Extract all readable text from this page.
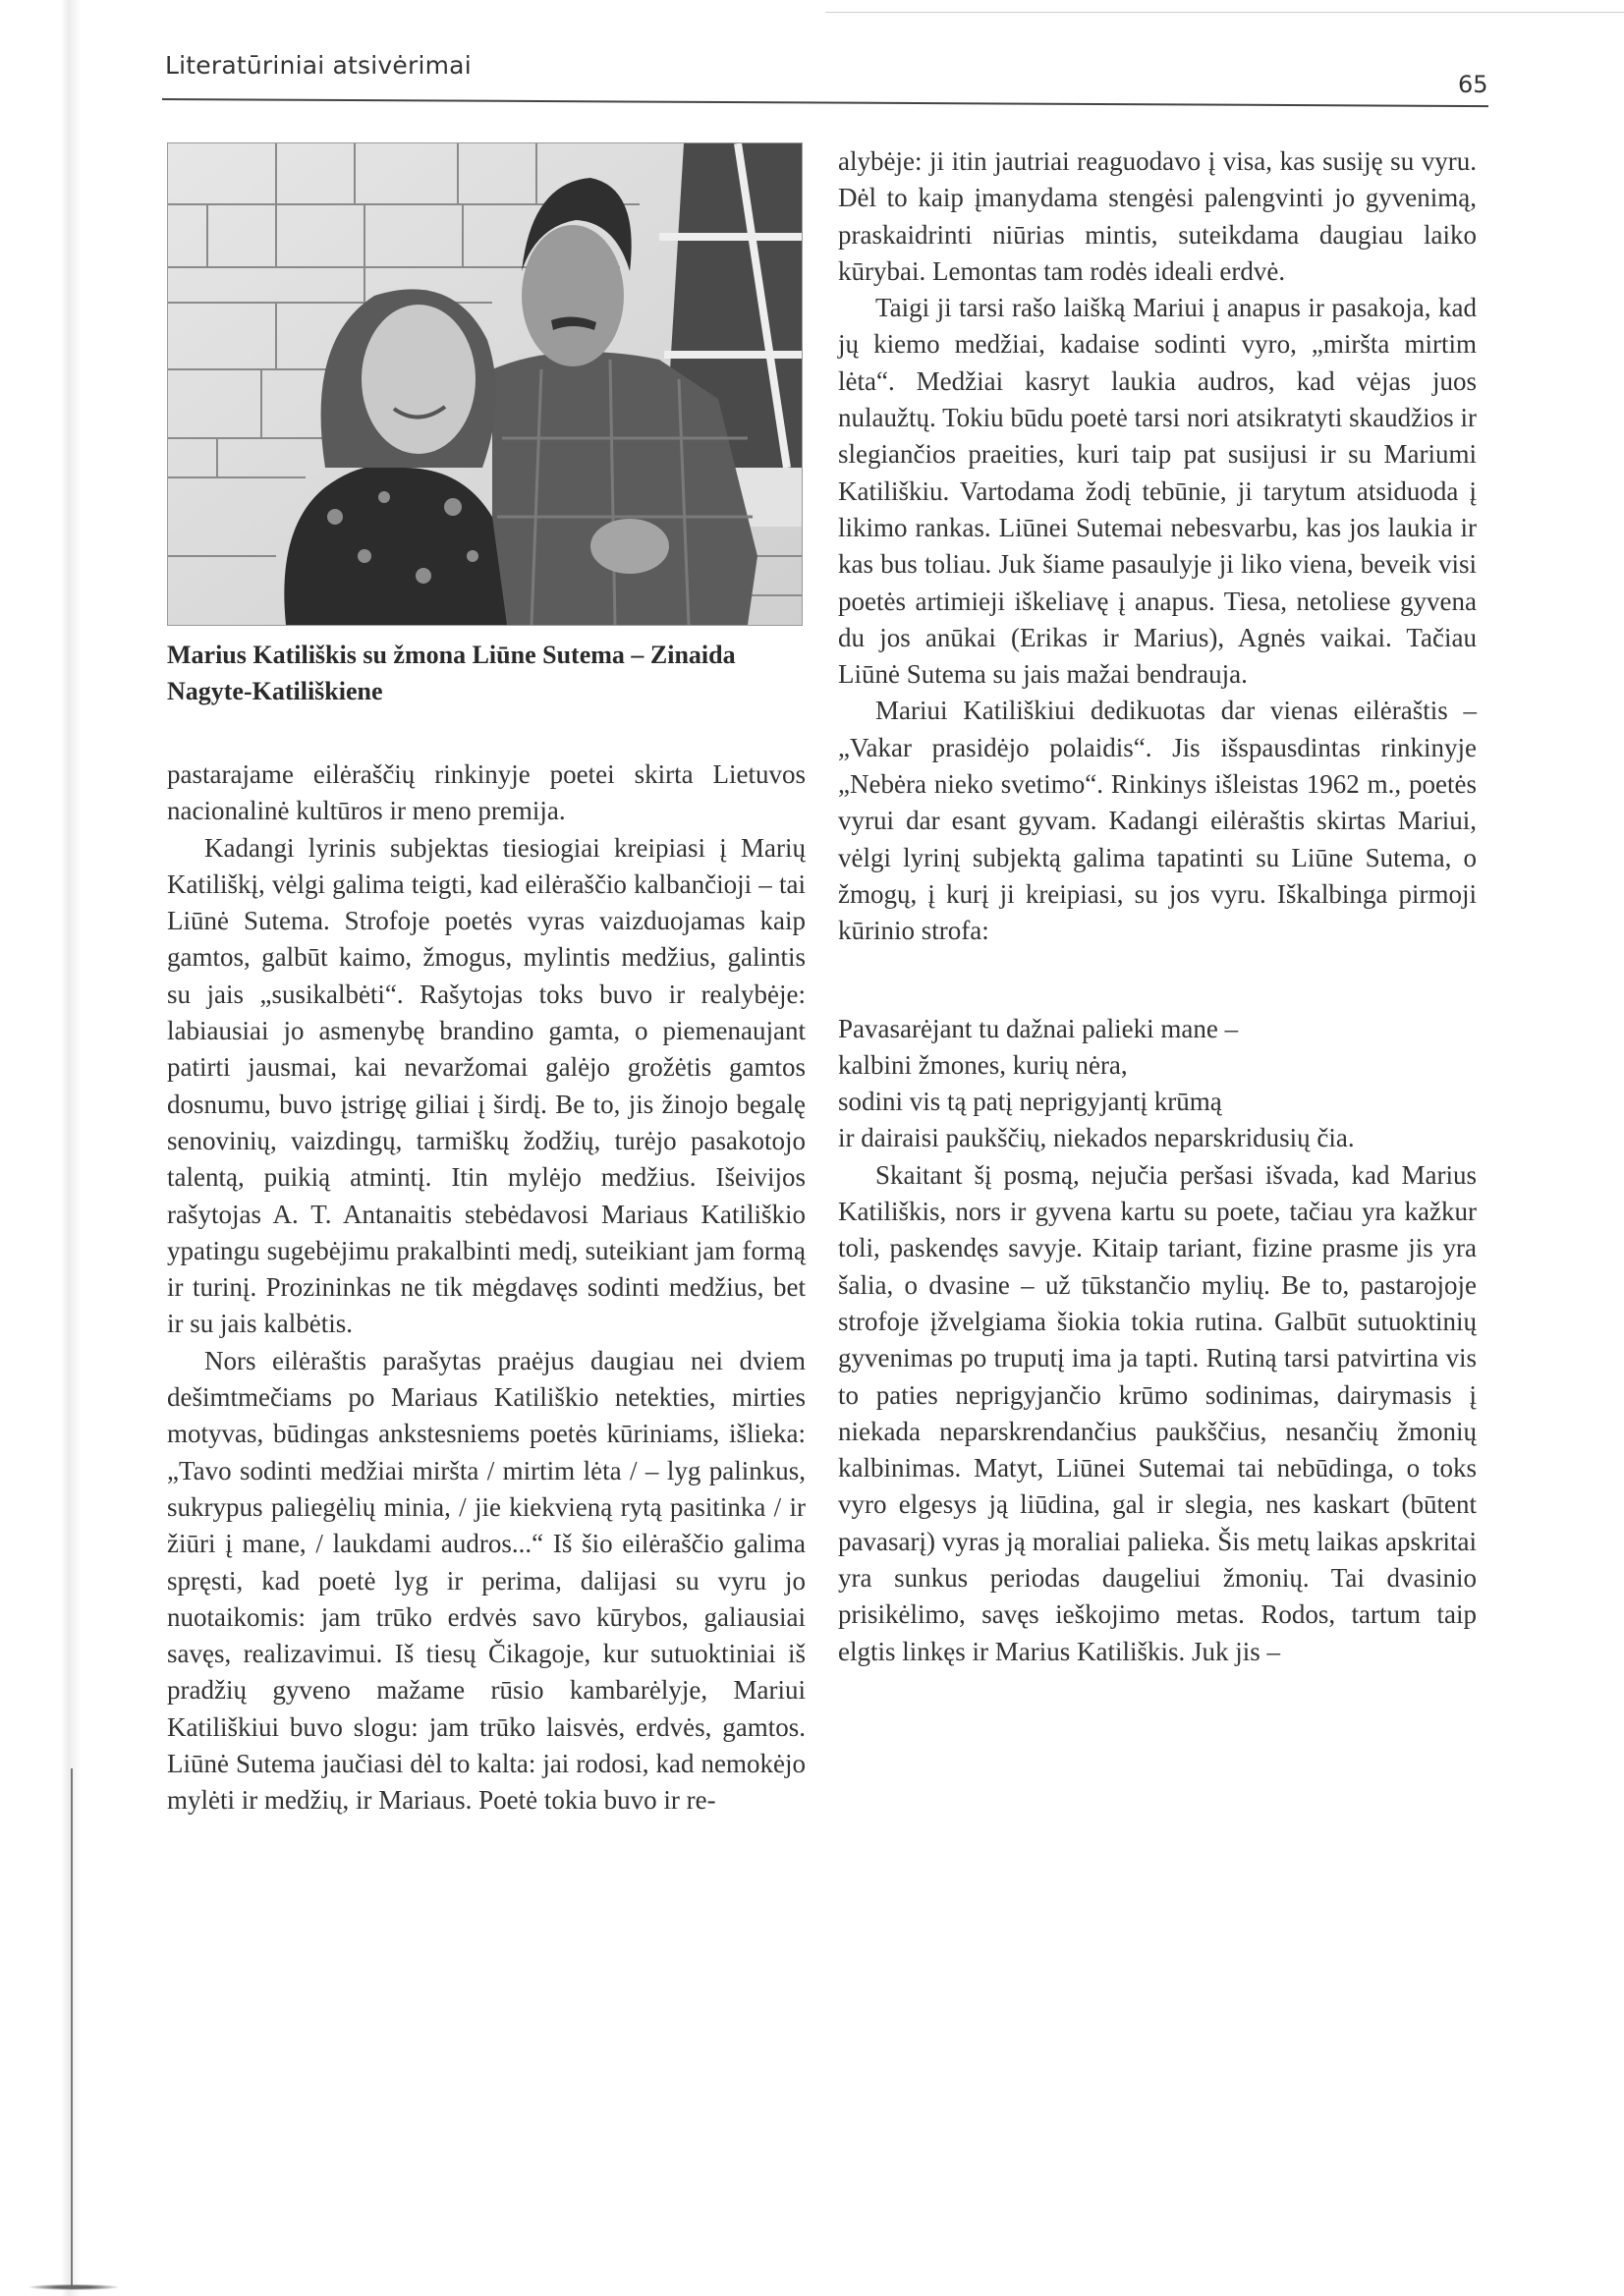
Literatūriniai atsivėrimai
65
Marius Katiliškis su žmona Liūne Sutema – Zinaida Nagyte-Katiliškiene

pastarajame eilėraščių rinkinyje poetei skirta Lietuvos nacionalinė kultūros ir meno premija.

Kadangi lyrinis subjektas tiesiogiai kreipiasi į Marių Katiliškį, vėlgi galima teigti, kad eilėraščio kalbančioji – tai Liūnė Sutema. Strofoje poetės vyras vaizduojamas kaip gamtos, galbūt kaimo, žmogus, mylintis medžius, galintis su jais „susikalbėti“. Rašytojas toks buvo ir realybėje: labiausiai jo asmenybę brandino gamta, o piemenaujant patirti jausmai, kai nevaržomai galėjo grožėtis gamtos dosnumu, buvo įstrigę giliai į širdį. Be to, jis žinojo begalę senovinių, vaizdingų, tarmiškų žodžių, turėjo pasakotojo talentą, puikią atmintį. Itin mylėjo medžius. Išeivijos rašytojas A. T. Antanaitis stebėdavosi Mariaus Katiliškio ypatingu sugebėjimu prakalbinti medį, suteikiant jam formą ir turinį. Prozininkas ne tik mėgdavęs sodinti medžius, bet ir su jais kalbėtis.

Nors eilėraštis parašytas praėjus daugiau nei dviem dešimtmečiams po Mariaus Katiliškio netekties, mirties motyvas, būdingas ankstesniems poetės kūriniams, išlieka: „Tavo sodinti medžiai miršta / mirtim lėta / – lyg palinkus, sukrypus paliegėlių minia, / jie kiekvieną rytą pasitinka / ir žiūri į mane, / laukdami audros...“ Iš šio eilėraščio galima spręsti, kad poetė lyg ir perima, dalijasi su vyru jo nuotaikomis: jam trūko erdvės savo kūrybos, galiausiai savęs, realizavimui. Iš tiesų Čikagoje, kur sutuoktiniai iš pradžių gyveno mažame rūsio kambarėlyje, Mariui Katiliškiui buvo slogu: jam trūko laisvės, erdvės, gamtos. Liūnė Sutema jaučiasi dėl to kalta: jai rodosi, kad nemokėjo mylėti ir medžių, ir Mariaus. Poetė tokia buvo ir re-

alybėje: ji itin jautriai reaguodavo į visa, kas susiję su vyru. Dėl to kaip įmanydama stengėsi palengvinti jo gyvenimą, praskaidrinti niūrias mintis, suteikdama daugiau laiko kūrybai. Lemontas tam rodės ideali erdvė.

Taigi ji tarsi rašo laišką Mariui į anapus ir pasakoja, kad jų kiemo medžiai, kadaise sodinti vyro, „miršta mirtim lėta“. Medžiai kasryt laukia audros, kad vėjas juos nulaužtų. Tokiu būdu poetė tarsi nori atsikratyti skaudžios ir slegiančios praeities, kuri taip pat susijusi ir su Mariumi Katiliškiu. Vartodama žodį tebūnie, ji tarytum atsiduoda į likimo rankas. Liūnei Sutemai nebesvarbu, kas jos laukia ir kas bus toliau. Juk šiame pasaulyje ji liko viena, beveik visi poetės artimieji iškeliavę į anapus. Tiesa, netoliese gyvena du jos anūkai (Erikas ir Marius), Agnės vaikai. Tačiau Liūnė Sutema su jais mažai bendrauja.

Mariui Katiliškiui dedikuotas dar vienas eilėraštis – „Vakar prasidėjo polaidis“. Jis išspausdintas rinkinyje „Nebėra nieko svetimo“. Rinkinys išleistas 1962 m., poetės vyrui dar esant gyvam. Kadangi eilėraštis skirtas Mariui, vėlgi lyrinį subjektą galima tapatinti su Liūne Sutema, o žmogų, į kurį ji kreipiasi, su jos vyru. Iškalbinga pirmoji kūrinio strofa:

Pavasarėjant tu dažnai palieki mane –
kalbini žmones, kurių nėra,
sodini vis tą patį neprigyjantį krūmą
ir dairaisi paukščių, niekados neparskridusių čia.

Skaitant šį posmą, nejučia peršasi išvada, kad Marius Katiliškis, nors ir gyvena kartu su poete, tačiau yra kažkur toli, paskendęs savyje. Kitaip tariant, fizine prasme jis yra šalia, o dvasine – už tūkstančio mylių. Be to, pastarojoje strofoje įžvelgiama šiokia tokia rutina. Galbūt sutuoktinių gyvenimas po truputį ima ja tapti. Rutiną tarsi patvirtina vis to paties neprigyjančio krūmo sodinimas, dairymasis į niekada neparskrendančius paukščius, nesančių žmonių kalbinimas. Matyt, Liūnei Sutemai tai nebūdinga, o toks vyro elgesys ją liūdina, gal ir slegia, nes kaskart (būtent pavasarį) vyras ją moraliai palieka. Šis metų laikas apskritai yra sunkus periodas daugeliui žmonių. Tai dvasinio prisikėlimo, savęs ieškojimo metas. Rodos, tartum taip elgtis linkęs ir Marius Katiliškis. Juk jis –
